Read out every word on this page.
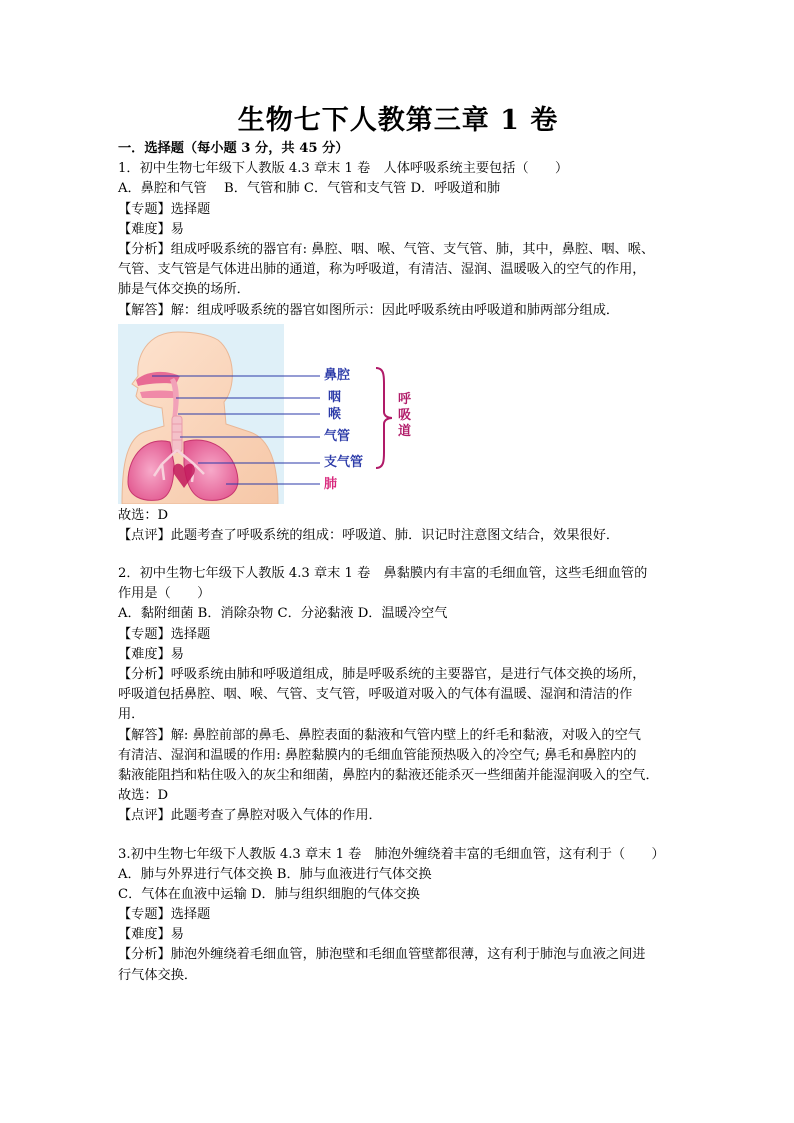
生物七下人教第三章 1 卷
一．选择题（每小题 3 分，共 45 分）
1．初中生物七年级下人教版 4.3 章末 1 卷　人体呼吸系统主要包括（　　）
A．鼻腔和气管　 B．气管和肺 C．气管和支气管 D．呼吸道和肺
【专题】选择题
【难度】易
【分析】组成呼吸系统的器官有: 鼻腔、咽、喉、气管、支气管、肺，其中，鼻腔、咽、喉、
气管、支气管是气体进出肺的通道，称为呼吸道，有清洁、湿润、温暖吸入的空气的作用，
肺是气体交换的场所．
【解答】解：组成呼吸系统的器官如图所示：因此呼吸系统由呼吸道和肺两部分组成．
鼻腔
咽
喉
气管
支气管
肺
呼吸道
故选：D
【点评】此题考查了呼吸系统的组成：呼吸道、肺．识记时注意图文结合，效果很好．
2．初中生物七年级下人教版 4.3 章末 1 卷　鼻黏膜内有丰富的毛细血管，这些毛细血管的
作用是（　　）
A．黏附细菌 B．消除杂物 C．分泌黏液 D．温暖冷空气
【专题】选择题
【难度】易
【分析】呼吸系统由肺和呼吸道组成，肺是呼吸系统的主要器官，是进行气体交换的场所，
呼吸道包括鼻腔、咽、喉、气管、支气管，呼吸道对吸入的气体有温暖、湿润和清洁的作
用．
【解答】解: 鼻腔前部的鼻毛、鼻腔表面的黏液和气管内壁上的纤毛和黏液，对吸入的空气
有清洁、湿润和温暖的作用: 鼻腔黏膜内的毛细血管能预热吸入的冷空气; 鼻毛和鼻腔内的
黏液能阻挡和粘住吸入的灰尘和细菌，鼻腔内的黏液还能杀灭一些细菌并能湿润吸入的空气．
故选：D
【点评】此题考查了鼻腔对吸入气体的作用．
3.初中生物七年级下人教版 4.3 章末 1 卷　肺泡外缠绕着丰富的毛细血管，这有利于（　　）
A．肺与外界进行气体交换 B．肺与血液进行气体交换
C．气体在血液中运输 D．肺与组织细胞的气体交换
【专题】选择题
【难度】易
【分析】肺泡外缠绕着毛细血管，肺泡壁和毛细血管壁都很薄，这有利于肺泡与血液之间进
行气体交换．
